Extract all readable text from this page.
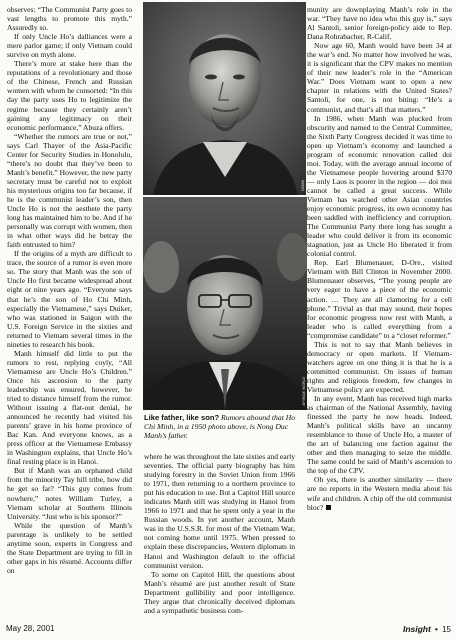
observes: “The Communist Party goes to vast lengths to promote this myth.” Assuredly so.

If only Uncle Ho’s dalliances were a mere parlor game; if only Vietnam could survive on myth alone.

There’s more at stake here than the reputations of a revolutionary and those of the Chinese, French and Russian women with whom he consorted: “In this day the party uses Ho to legitimize the regime because they certainly aren’t gaining any legitimacy on their economic performance,” Abuza offers.

“Whether the rumors are true or not,” says Carl Thayer of the Asia-Pacific Center for Security Studies in Honolulu, “there’s no doubt that they’ve been to Manh’s benefit.” However, the new party secretary must be careful not to exploit his mysterious origins too far because, if he is the communist leader’s son, then Uncle Ho is not the aesthete the party long has maintained him to be. And if he personally was corrupt with women, then in what other ways did he betray the faith entrusted to him?

If the origins of a myth are difficult to trace, the source of a rumor is even more so. The story that Manh was the son of Uncle Ho first became widespread about eight or nine years ago. “Everyone says that he’s the son of Ho Chi Minh, especially the Vietnamese,” says Duiker, who was stationed in Saigon with the U.S. Foreign Service in the sixties and returned to Vietnam several times in the nineties to research his book.

Manh himself did little to put the rumors to rest, replying coyly, “All Vietnamese are Uncle Ho’s Children.” Once his ascension to the party leadership was ensured, however, he tried to distance himself from the rumor. Without issuing a flat-out denial, he announced he recently had visited his parents’ grave in his home province of Bac Kan. And everyone knows, as a press officer at the Vietnamese Embassy in Washington explains, that Uncle Ho’s final resting place is in Hanoi.

But if Manh was an orphaned child from the minority Tay hill tribe, how did he get so far? “This guy comes from nowhere,” notes William Turley, a Vietnam scholar at Southern Illinois University. “Just who is his sponsor?”

While the question of Manh’s parentage is unlikely to be settled anytime soon, experts in Congress and the State Department are trying to fill in other gaps in his résumé. Accounts differ on

NSDIN
AP/WIDE WORLD
Like father, like son? Rumors abound that Ho Chi Minh, in a 1950 photo above, is Nong Duc Manh’s father.

where he was throughout the late sixties and early seventies. The official party biography has him studying forestry in the Soviet Union from 1966 to 1971, then returning to a northern province to put his education to use. But a Capitol Hill source indicates Manh still was studying in Hanoi from 1966 to 1971 and that he spent only a year in the Russian woods. In yet another account, Manh was in the U.S.S.R. for most of the Vietnam War, not coming home until 1975. When pressed to explain these discrepancies, Western diplomats in Hanoi and Washington default to the official communist version.

To some on Capitol Hill, the questions about Manh’s résumé are just another result of State Department gullibility and poor intelligence. They argue that chronically deceived diplomats and a sympathetic business com-

munity are downplaying Manh’s role in the war. “They have no idea who this guy is,” says Al Santoli, senior foreign-policy aide to Rep. Dana Rohrabacher, R-Calif.

Now age 60, Manh would have been 34 at the war’s end. No matter how involved he was, it is significant that the CPV makes no mention of their new leader’s role in the “American War.” Does Vietnam want to open a new chapter in relations with the United States? Santoli, for one, is not biting: “He’s a communist, and that’s all that matters.”

In 1986, when Manh was plucked from obscurity and named to the Central Committee, the Sixth Party Congress decided it was time to open up Vietnam’s economy and launched a program of economic renovation called doi moi. Today, with the average annual income of the Vietnamese people hovering around $370 — only Laos is poorer in the region — doi moi cannot be called a great success. While Vietnam has watched other Asian countries enjoy economic progress, its own economy has been saddled with inefficiency and corruption. The Communist Party there long has sought a leader who could deliver it from its economic stagnation, just as Uncle Ho liberated it from colonial control.

Rep. Earl Blumenauer, D-Ore., visited Vietnam with Bill Clinton in November 2000. Blumenauer observes, “The young people are very eager to have a piece of the economic action. … They are all clamoring for a cell phone.” Trivial as that may sound, their hopes for economic progress now rest with Manh, a leader who is called everything from a “compromise candidate” to a “closet reformer.”

This is not to say that Manh believes in democracy or open markets. If Vietnam-watchers agree on one thing it is that he is a committed communist. On issues of human rights and religious freedom, few changes in Vietnamese policy are expected.

In any event, Manh has received high marks as chairman of the National Assembly, having finessed the party he now heads. Indeed, Manh’s political skills have an uncanny resemblance to those of Uncle Ho, a master of the art of balancing one faction against the other and then managing to seize the middle. The same could be said of Manh’s ascension to the top of the CPV.

Oh yes, there is another similarity — there are no reports in the Western media about his wife and children. A chip off the old communist bloc?

May 28, 2001	Insight • 15
